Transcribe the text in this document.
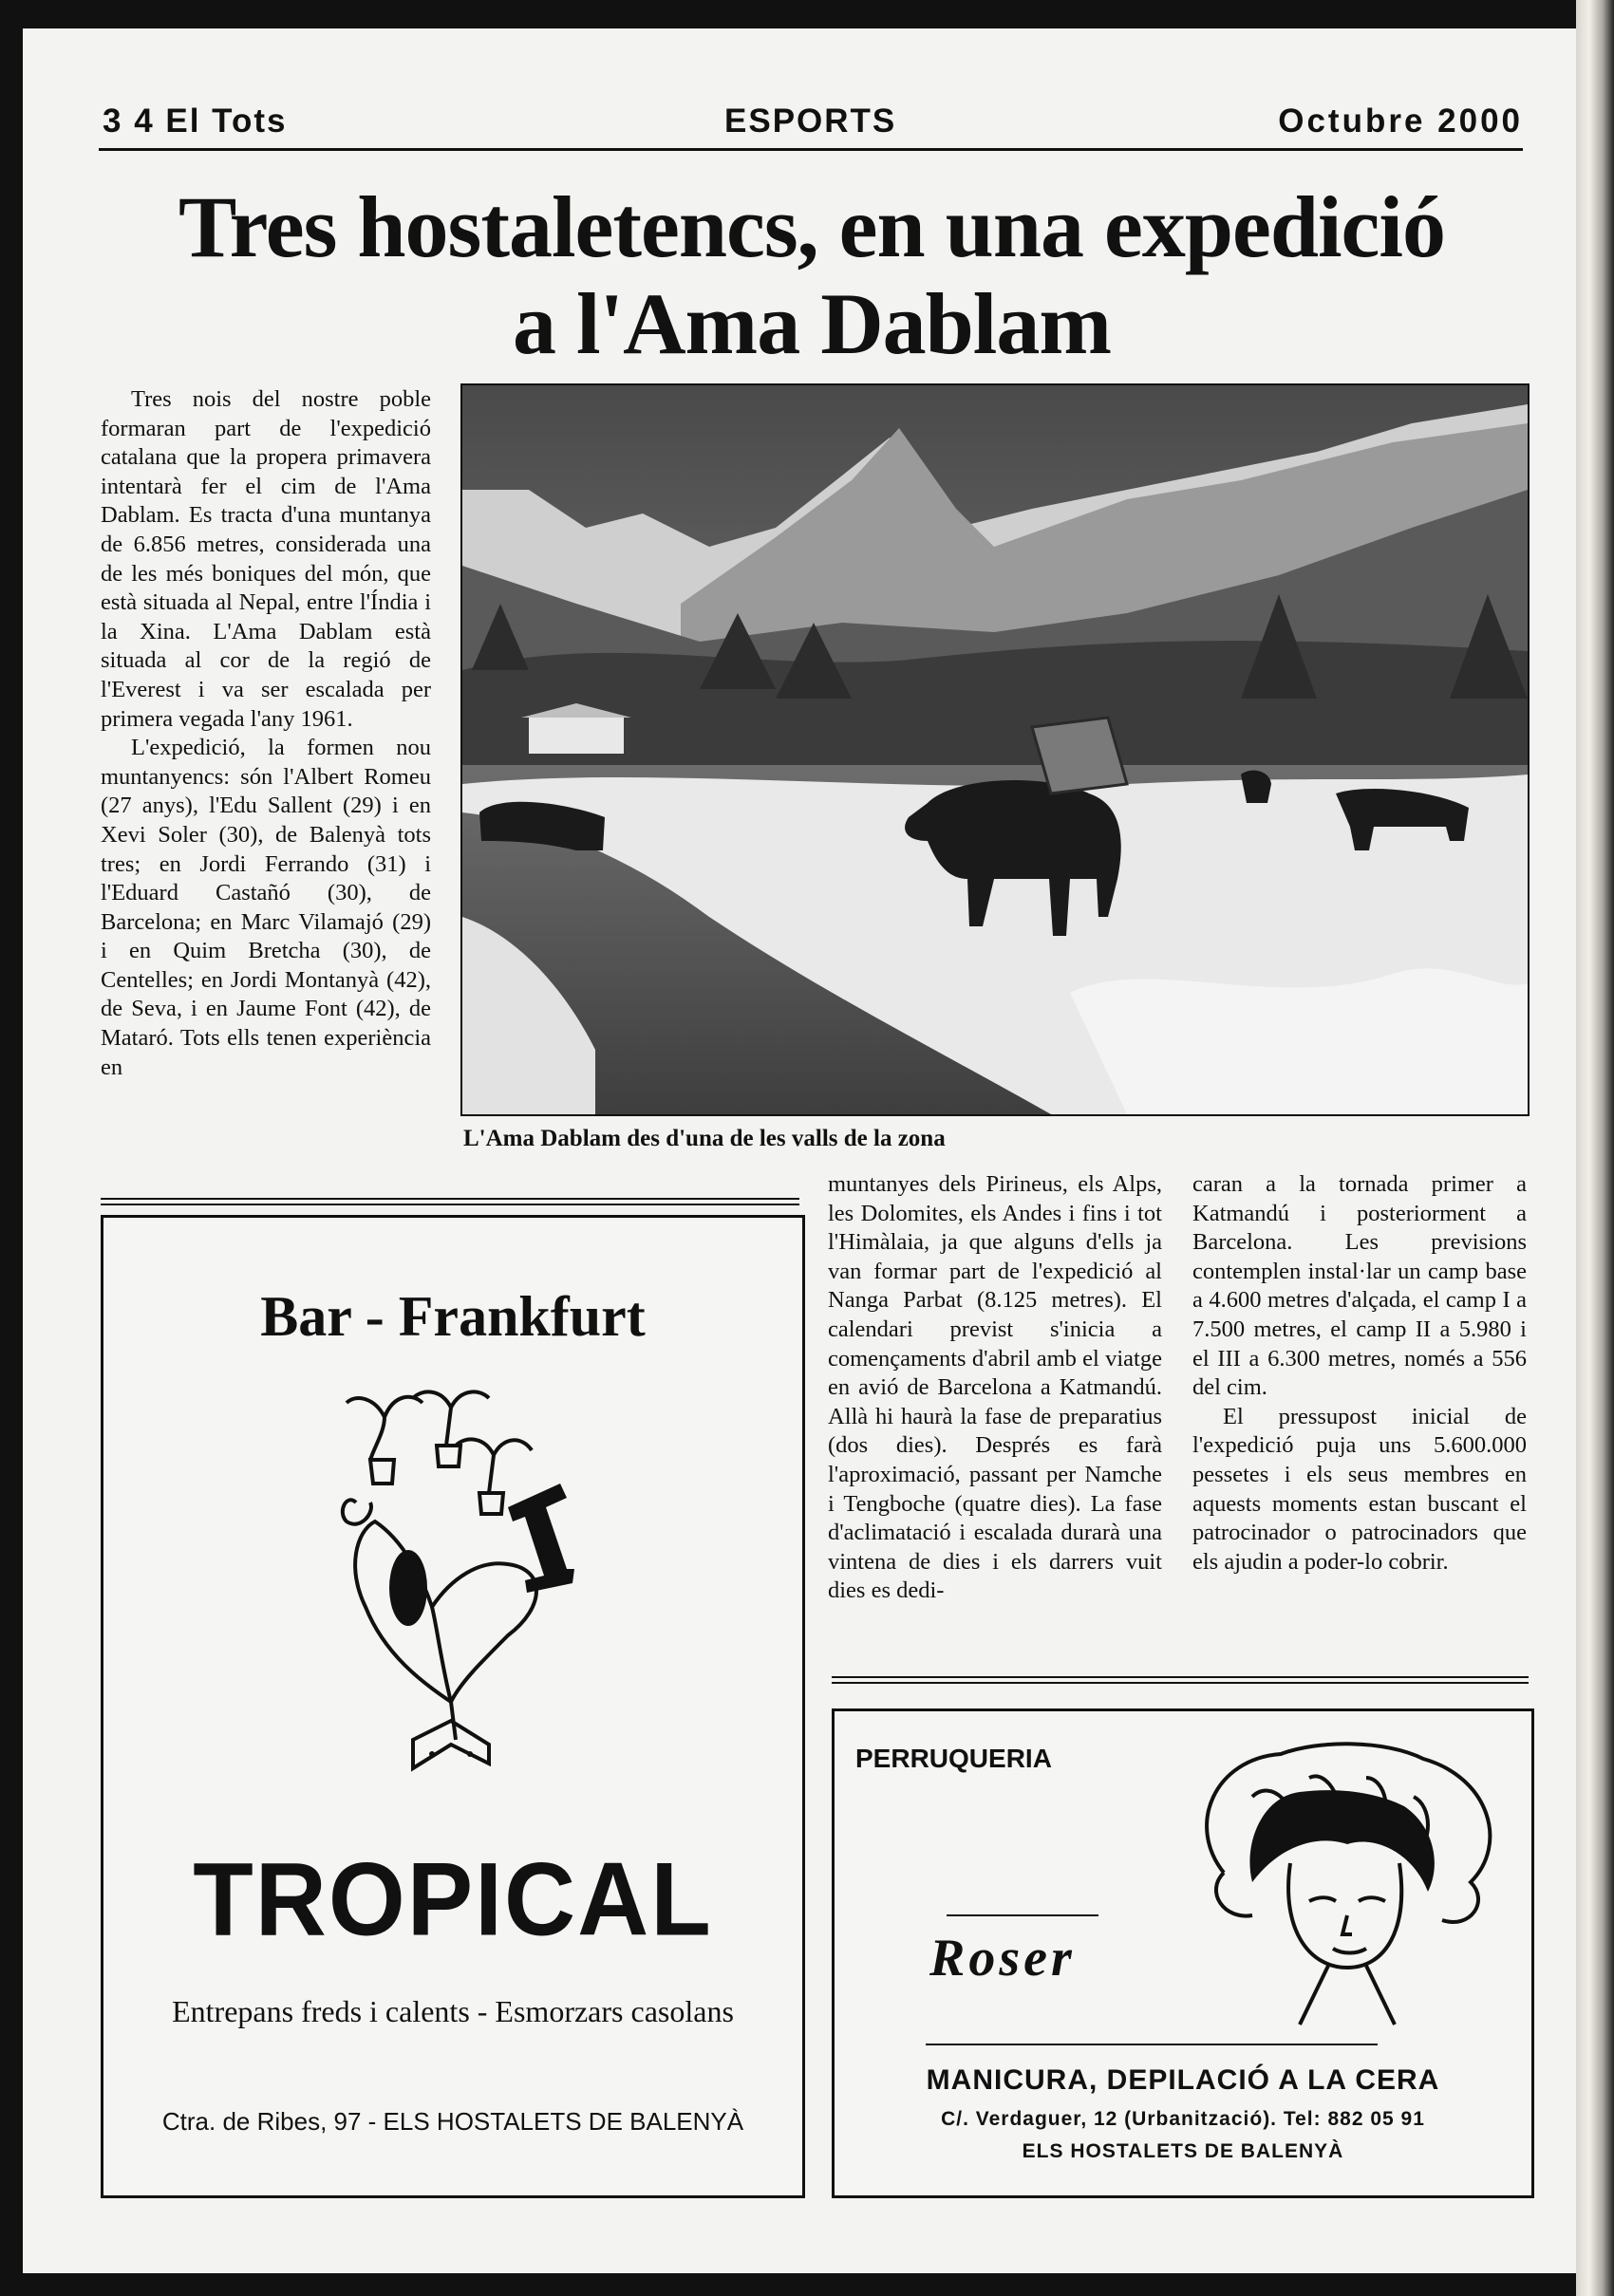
3 4 El Tots	ESPORTS	Octubre 2000
Tres hostaletencs, en una expedició
a l'Ama Dablam

Tres nois del nostre poble formaran part de l'expedició catalana que la propera primavera intentarà fer el cim de l'Ama Dablam. Es tracta d'una muntanya de 6.856 metres, considerada una de les més boniques del món, que està situada al Nepal, entre l'Índia i la Xina. L'Ama Dablam està situada al cor de la regió de l'Everest i va ser escalada per primera vegada l'any 1961.

L'expedició, la formen nou muntanyencs: són l'Albert Romeu (27 anys), l'Edu Sallent (29) i en Xevi Soler (30), de Balenyà tots tres; en Jordi Ferrando (31) i l'Eduard Castañó (30), de Barcelona; en Marc Vilamajó (29) i en Quim Bretcha (30), de Centelles; en Jordi Montanyà (42), de Seva, i en Jaume Font (42), de Mataró. Tots ells tenen experiència en

L'Ama Dablam des d'una de les valls de la zona

muntanyes dels Pirineus, els Alps, les Dolomites, els Andes i fins i tot l'Himàlaia, ja que alguns d'ells ja van formar part de l'expedició al Nanga Parbat (8.125 metres). El calendari previst s'inicia a començaments d'abril amb el viatge en avió de Barcelona a Katmandú. Allà hi haurà la fase de preparatius (dos dies). Després es farà l'aproximació, passant per Namche i Tengboche (quatre dies). La fase d'aclimatació i escalada durarà una vintena de dies i els darrers vuit dies es dedi-

caran a la tornada primer a Katmandú i posteriorment a Barcelona. Les previsions contemplen instal·lar un camp base a 4.600 metres d'alçada, el camp I a 7.500 metres, el camp II a 5.980 i el III a 6.300 metres, només a 556 del cim.

El pressupost inicial de l'expedició puja uns 5.600.000 pessetes i els seus membres en aquests moments estan buscant el patrocinador o patrocinadors que els ajudin a poder-lo cobrir.

Bar - Frankfurt
TROPICAL
Entrepans freds i calents - Esmorzars casolans
Ctra. de Ribes, 97 - ELS HOSTALETS DE BALENYÀ
PERRUQUERIA
Roser
MANICURA, DEPILACIÓ A LA CERA
C/. Verdaguer, 12 (Urbanització). Tel: 882 05 91
ELS HOSTALETS DE BALENYÀ
